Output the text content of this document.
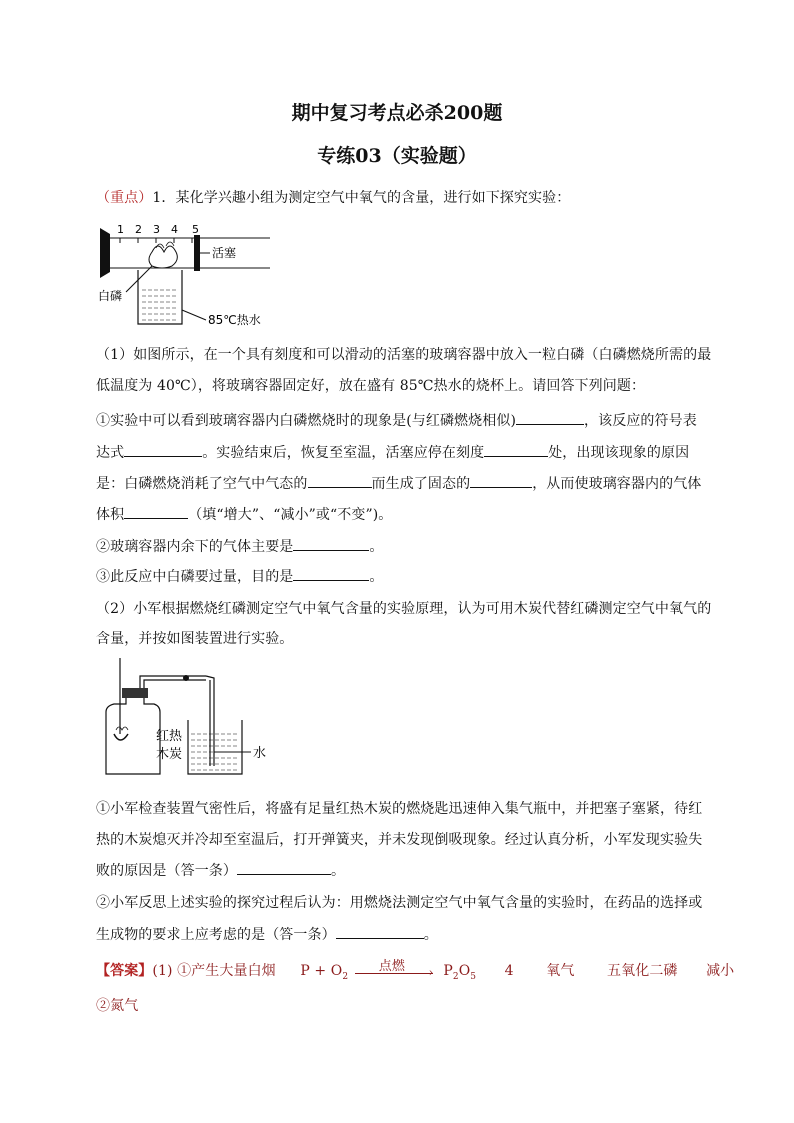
期中复习考点必杀200题
专练03（实验题）
（重点）1．某化学兴趣小组为测定空气中氧气的含量，进行如下探究实验：
1 2 3 4 5
活塞
85℃热水
白磷
（1）如图所示，在一个具有刻度和可以滑动的活塞的玻璃容器中放入一粒白磷（白磷燃烧所需的最
低温度为 40℃），将玻璃容器固定好，放在盛有 85℃热水的烧杯上。请回答下列问题：
①实验中可以看到玻璃容器内白磷燃烧时的现象是(与红磷燃烧相似)	，该反应的符号表
达式	。实验结束后，恢复至室温，活塞应停在刻度	处，出现该现象的原因
是：白磷燃烧消耗了空气中气态的	而生成了固态的	，从而使玻璃容器内的气体
体积	（填“增大”、“减小”或“不变”)。
②玻璃容器内余下的气体主要是	。
③此反应中白磷要过量，目的是	。
（2）小军根据燃烧红磷测定空气中氧气含量的实验原理，认为可用木炭代替红磷测定空气中氧气的
含量，并按如图装置进行实验。
水
红热
木炭
①小军检查装置气密性后，将盛有足量红热木炭的燃烧匙迅速伸入集气瓶中，并把塞子塞紧，待红
热的木炭熄灭并冷却至室温后，打开弹簧夹，并未发现倒吸现象。经过认真分析，小军发现实验失
败的原因是（答一条）	。
②小军反思上述实验的探究过程后认为：用燃烧法测定空气中氧气含量的实验时，在药品的选择或
生成物的要求上应考虑的是（答一条）	。
【答案】(1) ①产生大量白烟 $P + O_2$
点燃 › $P_2O_5$ 4 氧气 五氧化二磷 减小
②氮气
